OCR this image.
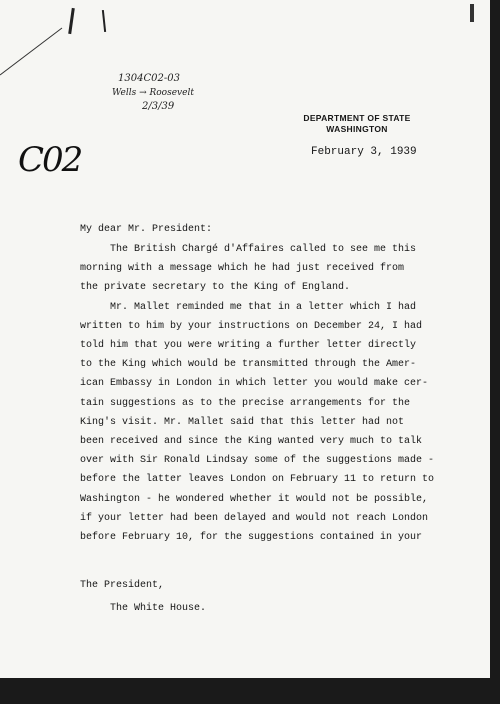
1304C02-03
Wells → Roosevelt
2/3/39
C02
DEPARTMENT OF STATE
WASHINGTON
February 3, 1939
My dear Mr. President:
The British Chargé d'Affaires called to see me this
morning with a message which he had just received from
the private secretary to the King of England.
Mr. Mallet reminded me that in a letter which I had
written to him by your instructions on December 24, I had
told him that you were writing a further letter directly
to the King which would be transmitted through the Amer-
ican Embassy in London in which letter you would make cer-
tain suggestions as to the precise arrangements for the
King's visit. Mr. Mallet said that this letter had not
been received and since the King wanted very much to talk
over with Sir Ronald Lindsay some of the suggestions made -
before the latter leaves London on February 11 to return to
Washington - he wondered whether it would not be possible,
if your letter had been delayed and would not reach London
before February 10, for the suggestions contained in your
The President,
The White House.
